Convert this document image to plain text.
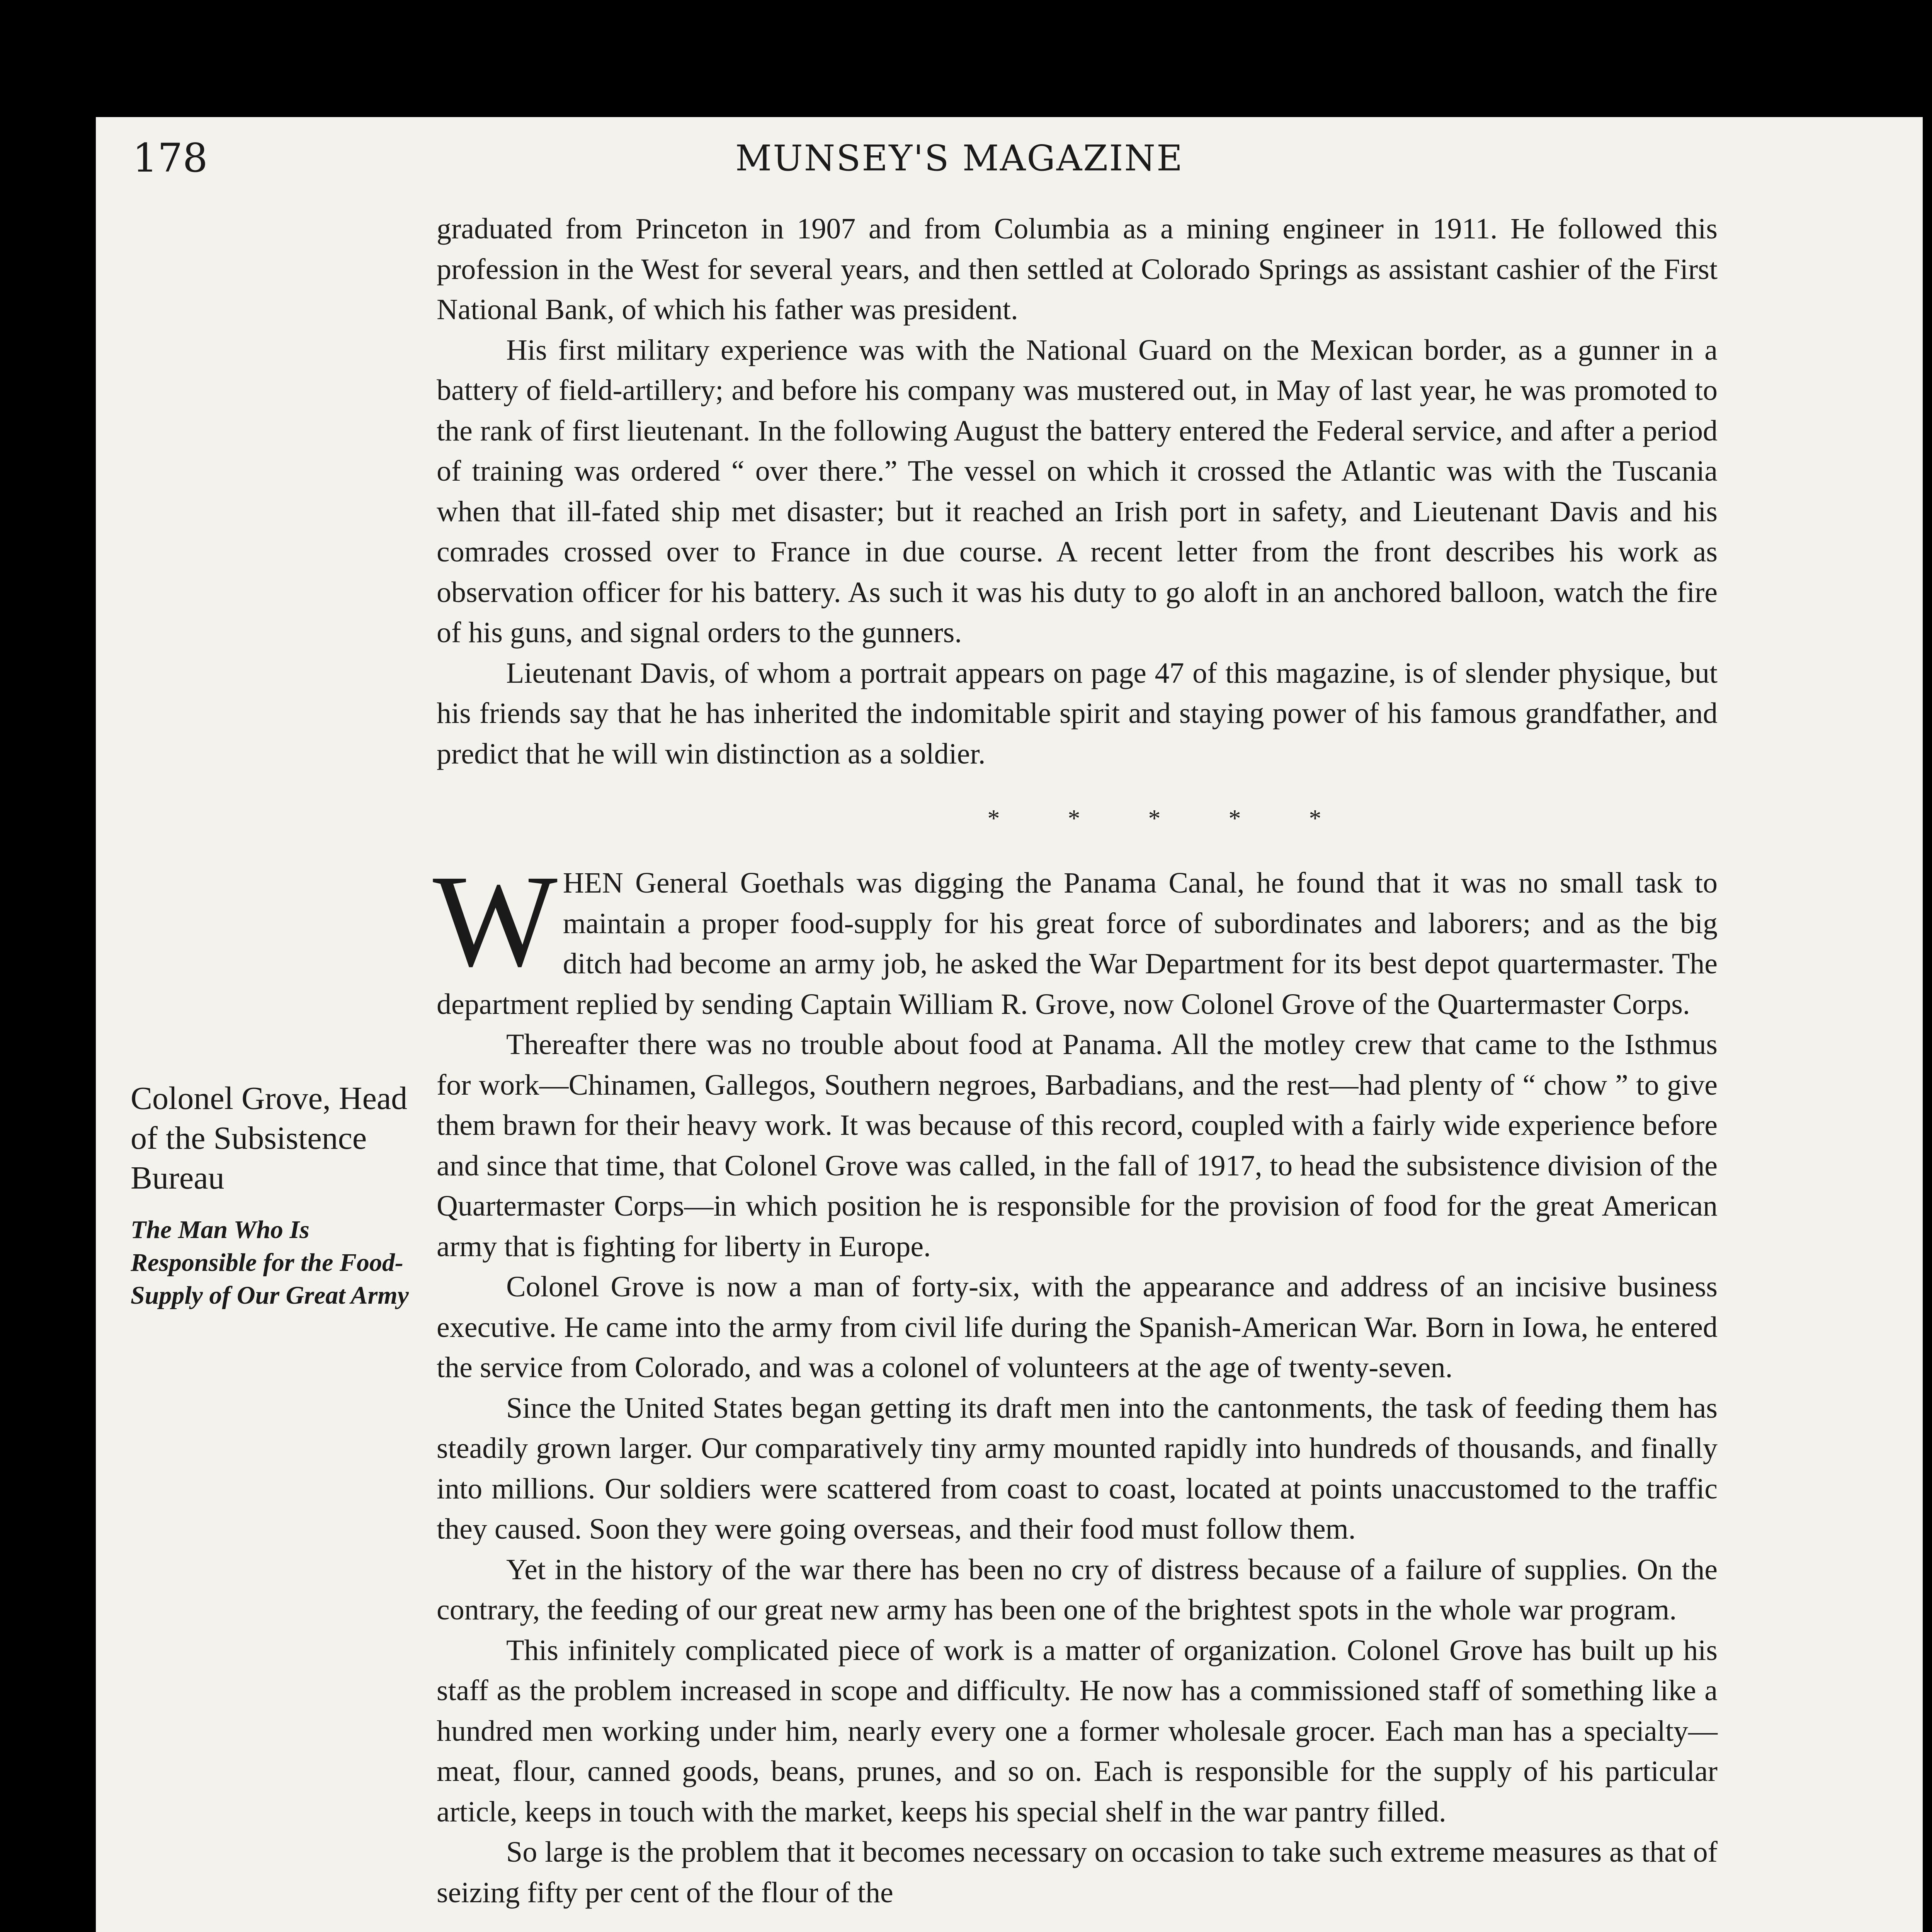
178	MUNSEY'S MAGAZINE

Colonel Grove, Head of the Subsistence Bureau

The Man Who Is Responsible for the Food-Supply of Our Great Army

graduated from Princeton in 1907 and from Columbia as a mining engineer in 1911. He followed this profession in the West for several years, and then settled at Colorado Springs as assistant cashier of the First National Bank, of which his father was president.

His first military experience was with the National Guard on the Mexican border, as a gunner in a battery of field-artillery; and before his company was mustered out, in May of last year, he was promoted to the rank of first lieutenant. In the following August the battery entered the Federal service, and after a period of training was ordered “ over there.” The vessel on which it crossed the Atlantic was with the Tuscania when that ill-fated ship met disaster; but it reached an Irish port in safety, and Lieutenant Davis and his comrades crossed over to France in due course. A recent letter from the front describes his work as observation officer for his battery. As such it was his duty to go aloft in an anchored balloon, watch the fire of his guns, and signal orders to the gunners.

Lieutenant Davis, of whom a portrait appears on page 47 of this magazine, is of slender physique, but his friends say that he has inherited the indomitable spirit and staying power of his famous grandfather, and predict that he will win distinction as a soldier.

* * * * *

WHEN General Goethals was digging the Panama Canal, he found that it was no small task to maintain a proper food-supply for his great force of subordinates and laborers; and as the big ditch had become an army job, he asked the War Department for its best depot quartermaster. The department replied by sending Captain William R. Grove, now Colonel Grove of the Quartermaster Corps.

Thereafter there was no trouble about food at Panama. All the motley crew that came to the Isthmus for work—Chinamen, Gallegos, Southern negroes, Barbadians, and the rest—had plenty of “ chow ” to give them brawn for their heavy work. It was because of this record, coupled with a fairly wide experience before and since that time, that Colonel Grove was called, in the fall of 1917, to head the subsistence division of the Quartermaster Corps—in which position he is responsible for the provision of food for the great American army that is fighting for liberty in Europe.

Colonel Grove is now a man of forty-six, with the appearance and address of an incisive business executive. He came into the army from civil life during the Spanish-American War. Born in Iowa, he entered the service from Colorado, and was a colonel of volunteers at the age of twenty-seven.

Since the United States began getting its draft men into the cantonments, the task of feeding them has steadily grown larger. Our comparatively tiny army mounted rapidly into hundreds of thousands, and finally into millions. Our soldiers were scattered from coast to coast, located at points unaccustomed to the traffic they caused. Soon they were going overseas, and their food must follow them.

Yet in the history of the war there has been no cry of distress because of a failure of supplies. On the contrary, the feeding of our great new army has been one of the brightest spots in the whole war program.

This infinitely complicated piece of work is a matter of organization. Colonel Grove has built up his staff as the problem increased in scope and difficulty. He now has a commissioned staff of something like a hundred men working under him, nearly every one a former wholesale grocer. Each man has a specialty—meat, flour, canned goods, beans, prunes, and so on. Each is responsible for the supply of his particular article, keeps in touch with the market, keeps his special shelf in the war pantry filled.

So large is the problem that it becomes necessary on occasion to take such extreme measures as that of seizing fifty per cent of the flour of the
